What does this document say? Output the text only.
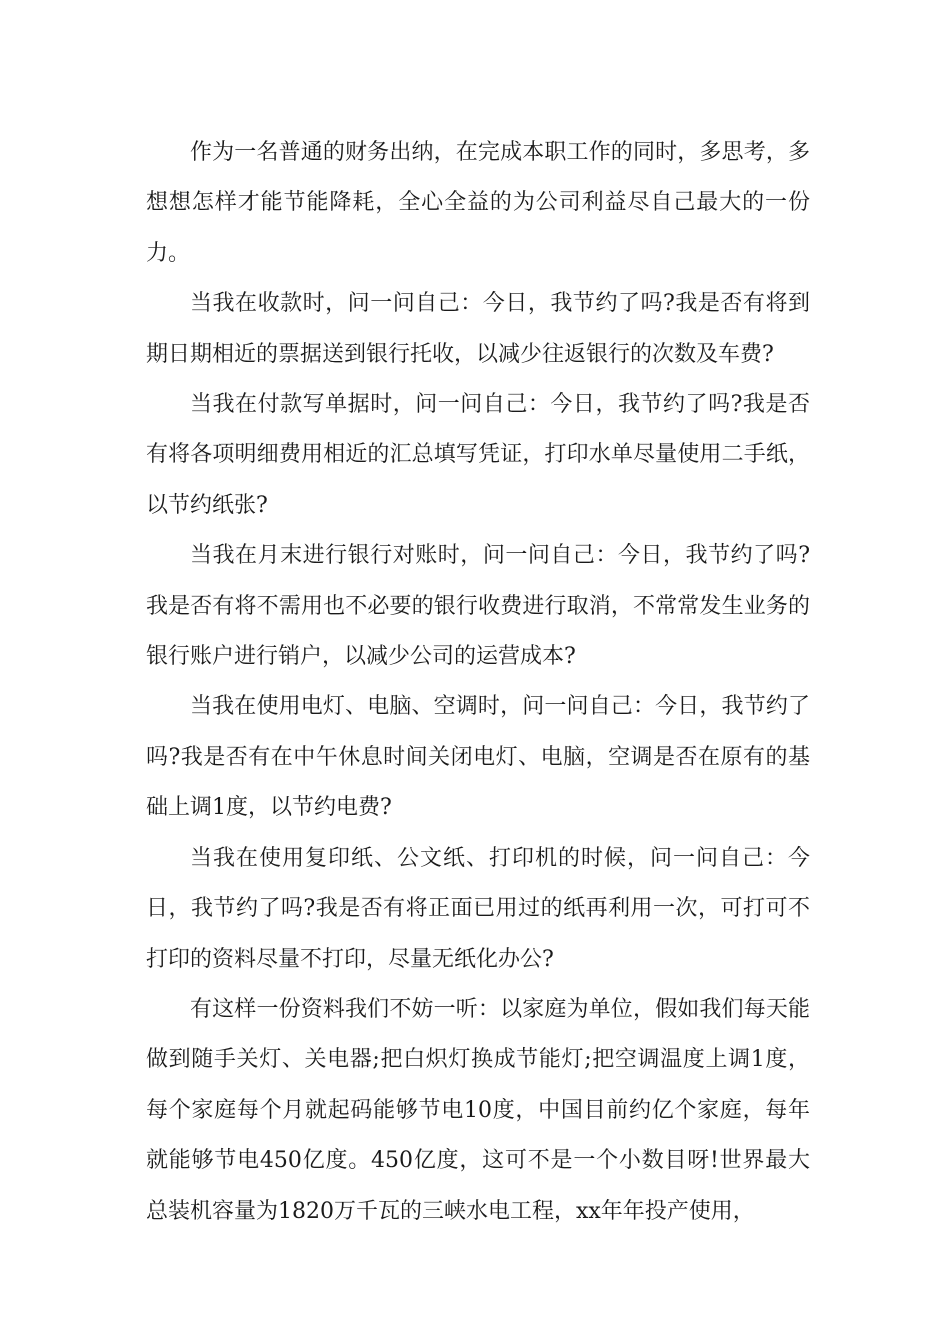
作为一名普通的财务出纳，在完成本职工作的同时，多思考，多想想怎样才能节能降耗，全心全益的为公司利益尽自己最大的一份力。

当我在收款时，问一问自己：今日，我节约了吗?我是否有将到期日期相近的票据送到银行托收，以减少往返银行的次数及车费?

当我在付款写单据时，问一问自己：今日，我节约了吗?我是否有将各项明细费用相近的汇总填写凭证，打印水单尽量使用二手纸，以节约纸张?

当我在月末进行银行对账时，问一问自己：今日，我节约了吗?我是否有将不需用也不必要的银行收费进行取消，不常常发生业务的银行账户进行销户，以减少公司的运营成本?

当我在使用电灯、电脑、空调时，问一问自己：今日，我节约了吗?我是否有在中午休息时间关闭电灯、电脑，空调是否在原有的基础上调1度，以节约电费?

当我在使用复印纸、公文纸、打印机的时候，问一问自己：今日，我节约了吗?我是否有将正面已用过的纸再利用一次，可打可不打印的资料尽量不打印，尽量无纸化办公?

有这样一份资料我们不妨一听：以家庭为单位，假如我们每天能做到随手关灯、关电器;把白炽灯换成节能灯;把空调温度上调1度，每个家庭每个月就起码能够节电10度，中国目前约亿个家庭，每年就能够节电450亿度。450亿度，这可不是一个小数目呀!世界最大总装机容量为1820万千瓦的三峡水电工程，xx年年投产使用，
